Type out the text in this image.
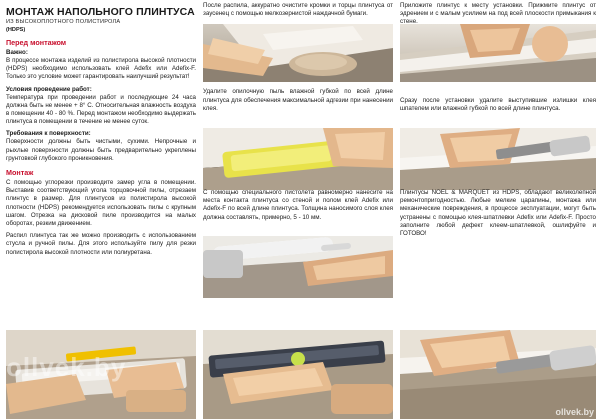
МОНТАЖ НАПОЛЬНОГО ПЛИНТУСА
ИЗ ВЫСОКОПЛОТНОГО ПОЛИСТИРОЛА
(HDPS)
Перед монтажом
Важно:

В процессе монтажа изделий из полистирола высокой плотности (HDPS) необходимо использовать клей Adefix или Adefix-F. Только это условие может гарантировать наилучший результат!

Условия проведение работ:

Температура при проведении работ и последующие 24 часа должна быть не менее + 8° С. Относительная влажность воздуха в помещении 40 - 80 %. Перед монтажом необходимо выдержать плинтуса в помещении в течение не менее суток.

Требования к поверхности:

Поверхности должны быть чистыми, сухими. Непрочные и рыхлые поверхности должны быть предварительно укреплены грунтовкой глубокого проникновения.

Монтаж

С помощью углорезки производите замер угла в помещении. Выставив соответствующий угола торцовочной пилы, отрезаем плинтус в размер. Для плинтусов из полистирола высокой плотности (HDPS) рекомендуется использовать пилы с крупным шагом. Отрезка на дисковой пиле производится на малых оборотах, резким движением.

Распил плинтуса так же можно производить с использованием стусла и ручной пилы. Для этого используйте пилу для резки полистирола высокой плотности или полиуретана.

После распила, аккуратно очистите кромки и торцы плинтуса от заусенец с помощью мелкозернистой наждачной бумаги.

Удалите опилочную пыль влажной губкой по всей длине плинтуса для обеспечения максимальной адгезии при нанесении клея.

С помощью специального пистолета равномерно нанесите на места контакта плинтуса со стеной и полом клей Adefix или Adefix-F по всей длине плинтуса. Толщина наносимого слоя клея должна составлять, примерно, 5 - 10 мм.

Приложите плинтус к месту установки. Прижмите плинтус от эдрением и с малым усилием на под всей плоскости примыкания к стене.

Сразу после установки удалите выступившие излишки клея шпателем или влажной губкой по всей длине плинтуса.

Плинтусы NOEL & MARQUET из HDPS, обладают великолепной ремонтопригодностью. Любые мелкие царапины, монтажа или механические повреждения, в процессе эксплуатации, могут быть устранены с помощью клея-шпатлевки Adefix или Adefix-F. Просто заполните любой дефект клеем-шпатлевкой, ошлифуйте и ГОТОВО!

ollvek.by
ollvek.by
